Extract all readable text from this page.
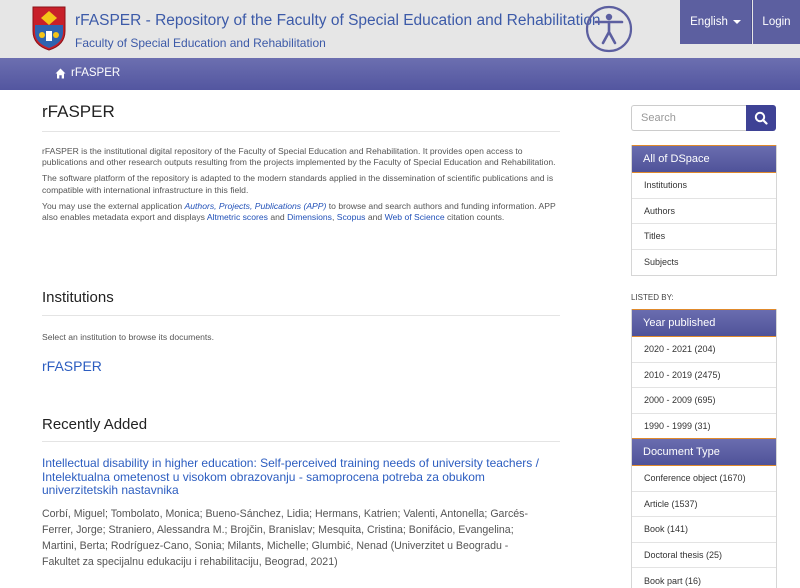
rFASPER - Repository of the Faculty of Special Education and Rehabilitation
Faculty of Special Education and Rehabilitation
English	Login
rFASPER
rFASPER

rFASPER is the institutional digital repository of the Faculty of Special Education and Rehabilitation. It provides open access to publications and other research outputs resulting from the projects implemented by the Faculty of Special Education and Rehabilitation.

The software platform of the repository is adapted to the modern standards applied in the dissemination of scientific publications and is compatible with international infrastructure in this field.

You may use the external application Authors, Projects, Publications (APP) to browse and search authors and funding information. APP also enables metadata export and displays Altmetric scores and Dimensions, Scopus and Web of Science citation counts.

Institutions
Select an institution to browse its documents.
rFASPER
Recently Added
Intellectual disability in higher education: Self-perceived training needs of university teachers / Intelektualna ometenost u visokom obrazovanju - samoprocena potreba za obukom univerzitetskih nastavnika
Corbí, Miguel; Tombolato, Monica; Bueno-Sánchez, Lidia; Hermans, Katrien; Valenti, Antonella; Garcés-Ferrer, Jorge; Straniero, Alessandra M.; Brojčin, Branislav; Mesquita, Cristina; Bonifácio, Evangelina; Martini, Berta; Rodríguez-Cano, Sonia; Milants, Michelle; Glumbić, Nenad (Univerzitet u Beogradu - Fakultet za specijalnu edukaciju i rehabilitaciju, Beograd, 2021)
Search
All of DSpace
Institutions
Authors
Titles
Subjects
LISTED BY:
Year published
2020 - 2021 (204)
2010 - 2019 (2475)
2000 - 2009 (695)
1990 - 1999 (31)
Document Type
Conference object (1670)
Article (1537)
Book (141)
Doctoral thesis (25)
Book part (16)
